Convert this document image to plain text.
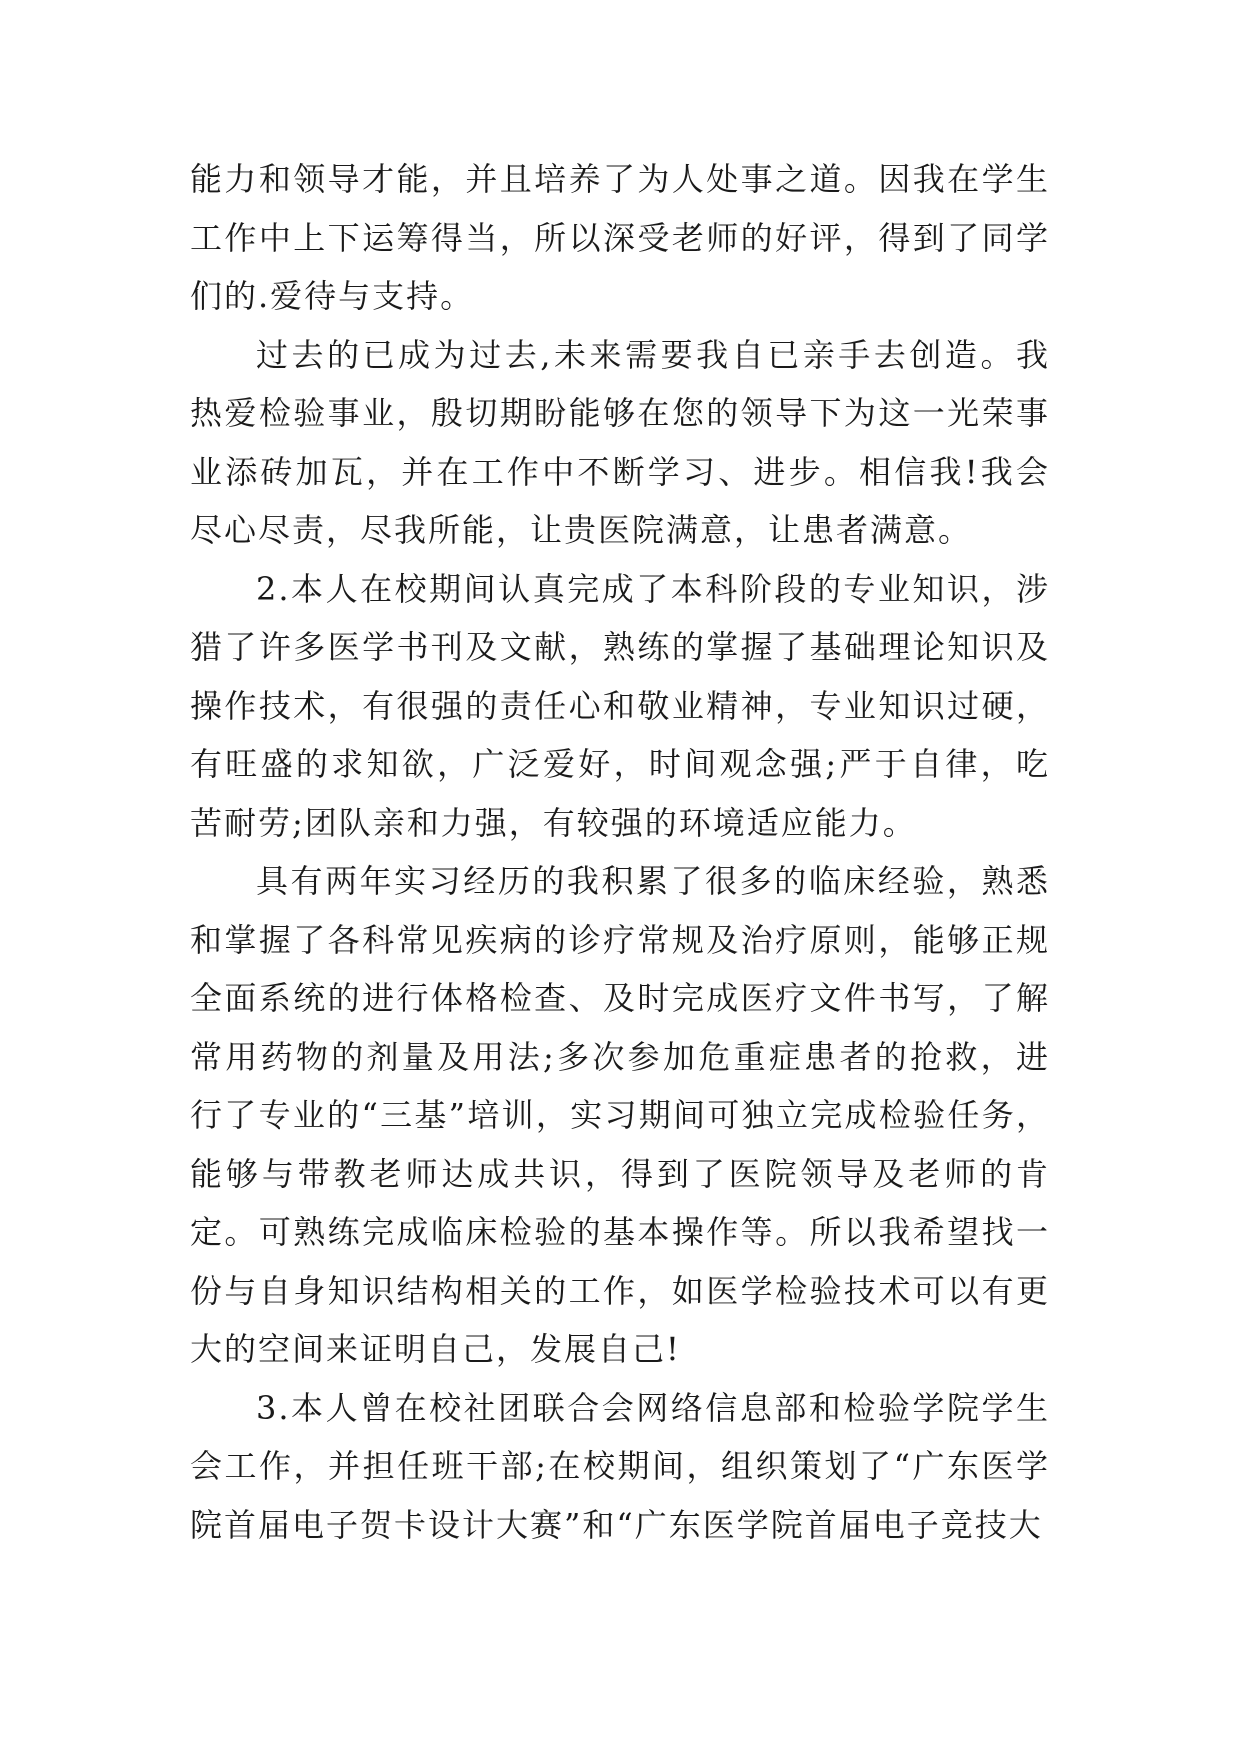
能力和领导才能，并且培养了为人处事之道。因我在学生工作中上下运筹得当，所以深受老师的好评，得到了同学们的.爱待与支持。

过去的已成为过去,未来需要我自已亲手去创造。我热爱检验事业，殷切期盼能够在您的领导下为这一光荣事业添砖加瓦，并在工作中不断学习、进步。相信我!我会尽心尽责，尽我所能，让贵医院满意，让患者满意。

2.本人在校期间认真完成了本科阶段的专业知识，涉猎了许多医学书刊及文献，熟练的掌握了基础理论知识及操作技术，有很强的责任心和敬业精神，专业知识过硬，有旺盛的求知欲，广泛爱好，时间观念强;严于自律，吃苦耐劳;团队亲和力强，有较强的环境适应能力。

具有两年实习经历的我积累了很多的临床经验，熟悉和掌握了各科常见疾病的诊疗常规及治疗原则，能够正规全面系统的进行体格检查、及时完成医疗文件书写，了解常用药物的剂量及用法;多次参加危重症患者的抢救，进行了专业的“三基”培训，实习期间可独立完成检验任务，能够与带教老师达成共识，得到了医院领导及老师的肯定。可熟练完成临床检验的基本操作等。所以我希望找一份与自身知识结构相关的工作，如医学检验技术可以有更大的空间来证明自己，发展自己!

3.本人曾在校社团联合会网络信息部和检验学院学生会工作，并担任班干部;在校期间，组织策划了“广东医学院首届电子贺卡设计大赛”和“广东医学院首届电子竞技大
